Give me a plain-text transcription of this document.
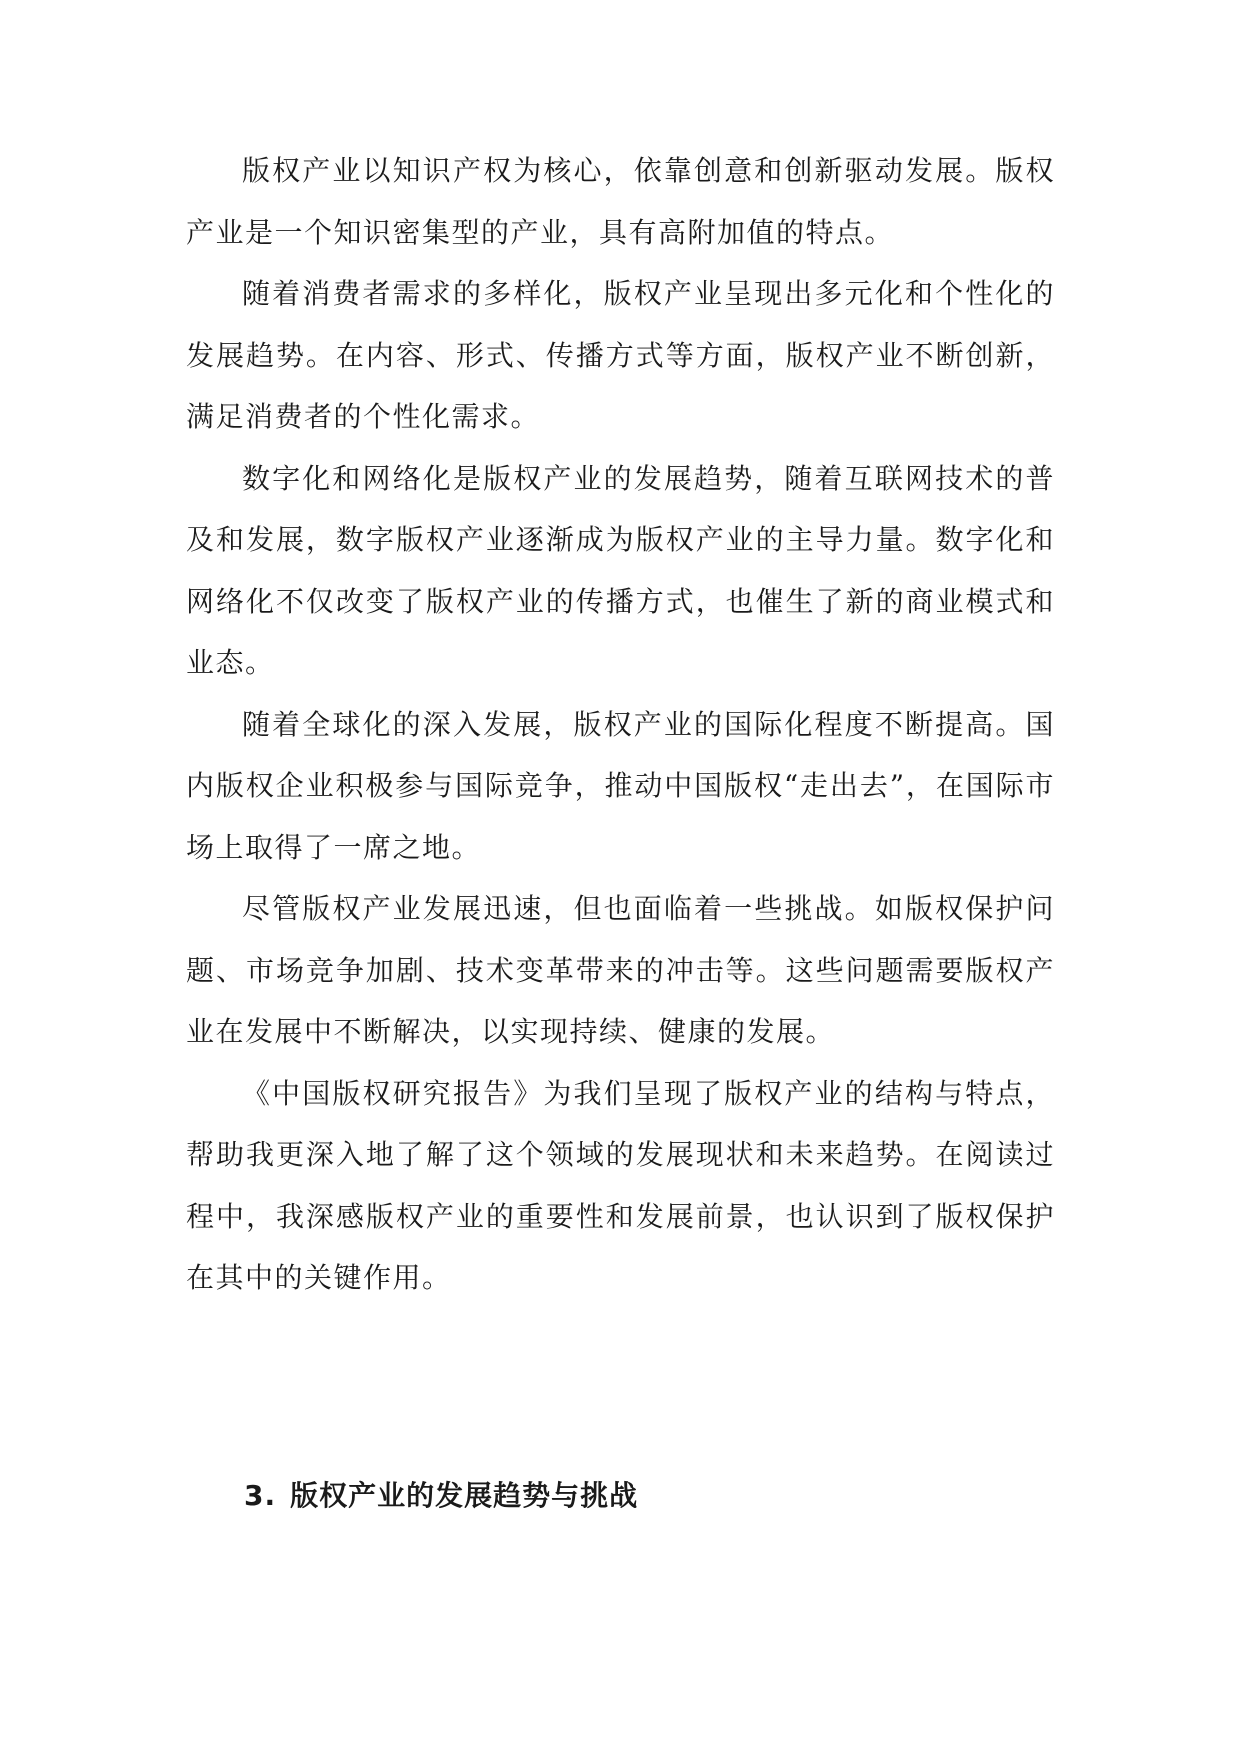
版权产业以知识产权为核心，依靠创意和创新驱动发展。版权产业是一个知识密集型的产业，具有高附加值的特点。

随着消费者需求的多样化，版权产业呈现出多元化和个性化的发展趋势。在内容、形式、传播方式等方面，版权产业不断创新，满足消费者的个性化需求。

数字化和网络化是版权产业的发展趋势，随着互联网技术的普及和发展，数字版权产业逐渐成为版权产业的主导力量。数字化和网络化不仅改变了版权产业的传播方式，也催生了新的商业模式和业态。

随着全球化的深入发展，版权产业的国际化程度不断提高。国内版权企业积极参与国际竞争，推动中国版权“走出去”，在国际市场上取得了一席之地。

尽管版权产业发展迅速，但也面临着一些挑战。如版权保护问题、市场竞争加剧、技术变革带来的冲击等。这些问题需要版权产业在发展中不断解决，以实现持续、健康的发展。

《中国版权研究报告》为我们呈现了版权产业的结构与特点，帮助我更深入地了解了这个领域的发展现状和未来趋势。在阅读过程中，我深感版权产业的重要性和发展前景，也认识到了版权保护在其中的关键作用。

3. 版权产业的发展趋势与挑战
